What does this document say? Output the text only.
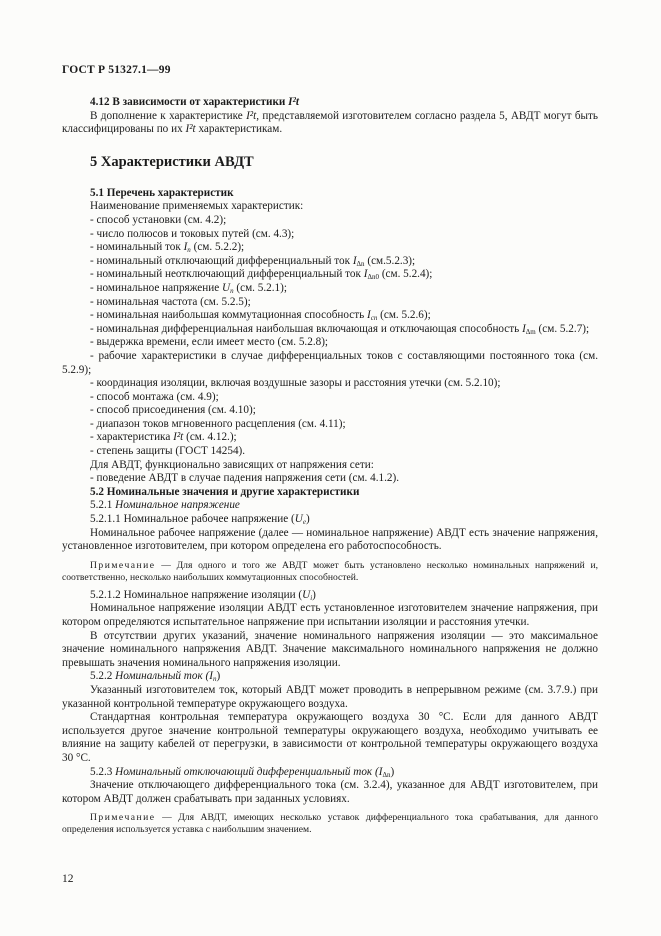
ГОСТ Р 51327.1—99

4.12 В зависимости от характеристики I²t

В дополнение к характеристике I²t, представляемой изготовителем согласно раздела 5, АВДТ могут быть классифицированы по их I²t характеристикам.

5 Характеристики АВДТ

5.1 Перечень характеристик

Наименование применяемых характеристик:

- способ установки (см. 4.2);

- число полюсов и токовых путей (см. 4.3);

- номинальный ток $I_n$ (см. 5.2.2);

- номинальный отключающий дифференциальный ток $I_{\Delta n}$ (см.5.2.3);

- номинальный неотключающий дифференциальный ток $I_{\Delta n0}$ (см. 5.2.4);

- номинальное напряжение $U_n$ (см. 5.2.1);

- номинальная частота (см. 5.2.5);

- номинальная наибольшая коммутационная способность $I_{cn}$ (см. 5.2.6);

- номинальная дифференциальная наибольшая включающая и отключающая способность $I_{\Delta m}$ (см. 5.2.7);

- выдержка времени, если имеет место (см. 5.2.8);

- рабочие характеристики в случае дифференциальных токов с составляющими постоянного тока (см. 5.2.9);

- координация изоляции, включая воздушные зазоры и расстояния утечки (см. 5.2.10);

- способ монтажа (см. 4.9);

- способ присоединения (см. 4.10);

- диапазон токов мгновенного расцепления (см. 4.11);

- характеристика I²t (см. 4.12.);

- степень защиты (ГОСТ 14254).

Для АВДТ, функционально зависящих от напряжения сети:

- поведение АВДТ в случае падения напряжения сети (см. 4.1.2).

5.2 Номинальные значения и другие характеристики

5.2.1 Номинальное напряжение

5.2.1.1 Номинальное рабочее напряжение $(U_e)$

Номинальное рабочее напряжение (далее — номинальное напряжение) АВДТ есть значение напряжения, установленное изготовителем, при котором определена его работоспособность.

Примечание — Для одного и того же АВДТ может быть установлено несколько номинальных напряжений и, соответственно, несколько наибольших коммутационных способностей.

5.2.1.2 Номинальное напряжение изоляции $(U_i)$

Номинальное напряжение изоляции АВДТ есть установленное изготовителем значение напряжения, при котором определяются испытательное напряжение при испытании изоляции и расстояния утечки.

В отсутствии других указаний, значение номинального напряжения изоляции — это максимальное значение номинального напряжения АВДТ. Значение максимального номинального напряжения не должно превышать значения номинального напряжения изоляции.

5.2.2 Номинальный ток $(I_n)$

Указанный изготовителем ток, который АВДТ может проводить в непрерывном режиме (см. 3.7.9.) при указанной контрольной температуре окружающего воздуха.

Стандартная контрольная температура окружающего воздуха 30 °С. Если для данного АВДТ используется другое значение контрольной температуры окружающего воздуха, необходимо учитывать ее влияние на защиту кабелей от перегрузки, в зависимости от контрольной температуры окружающего воздуха 30 °С.

5.2.3 Номинальный отключающий дифференциальный ток $(I_{\Delta n})$

Значение отключающего дифференциального тока (см. 3.2.4), указанное для АВДТ изготовителем, при котором АВДТ должен срабатывать при заданных условиях.

Примечание — Для АВДТ, имеющих несколько уставок дифференциального тока срабатывания, для данного определения используется уставка с наибольшим значением.

12
